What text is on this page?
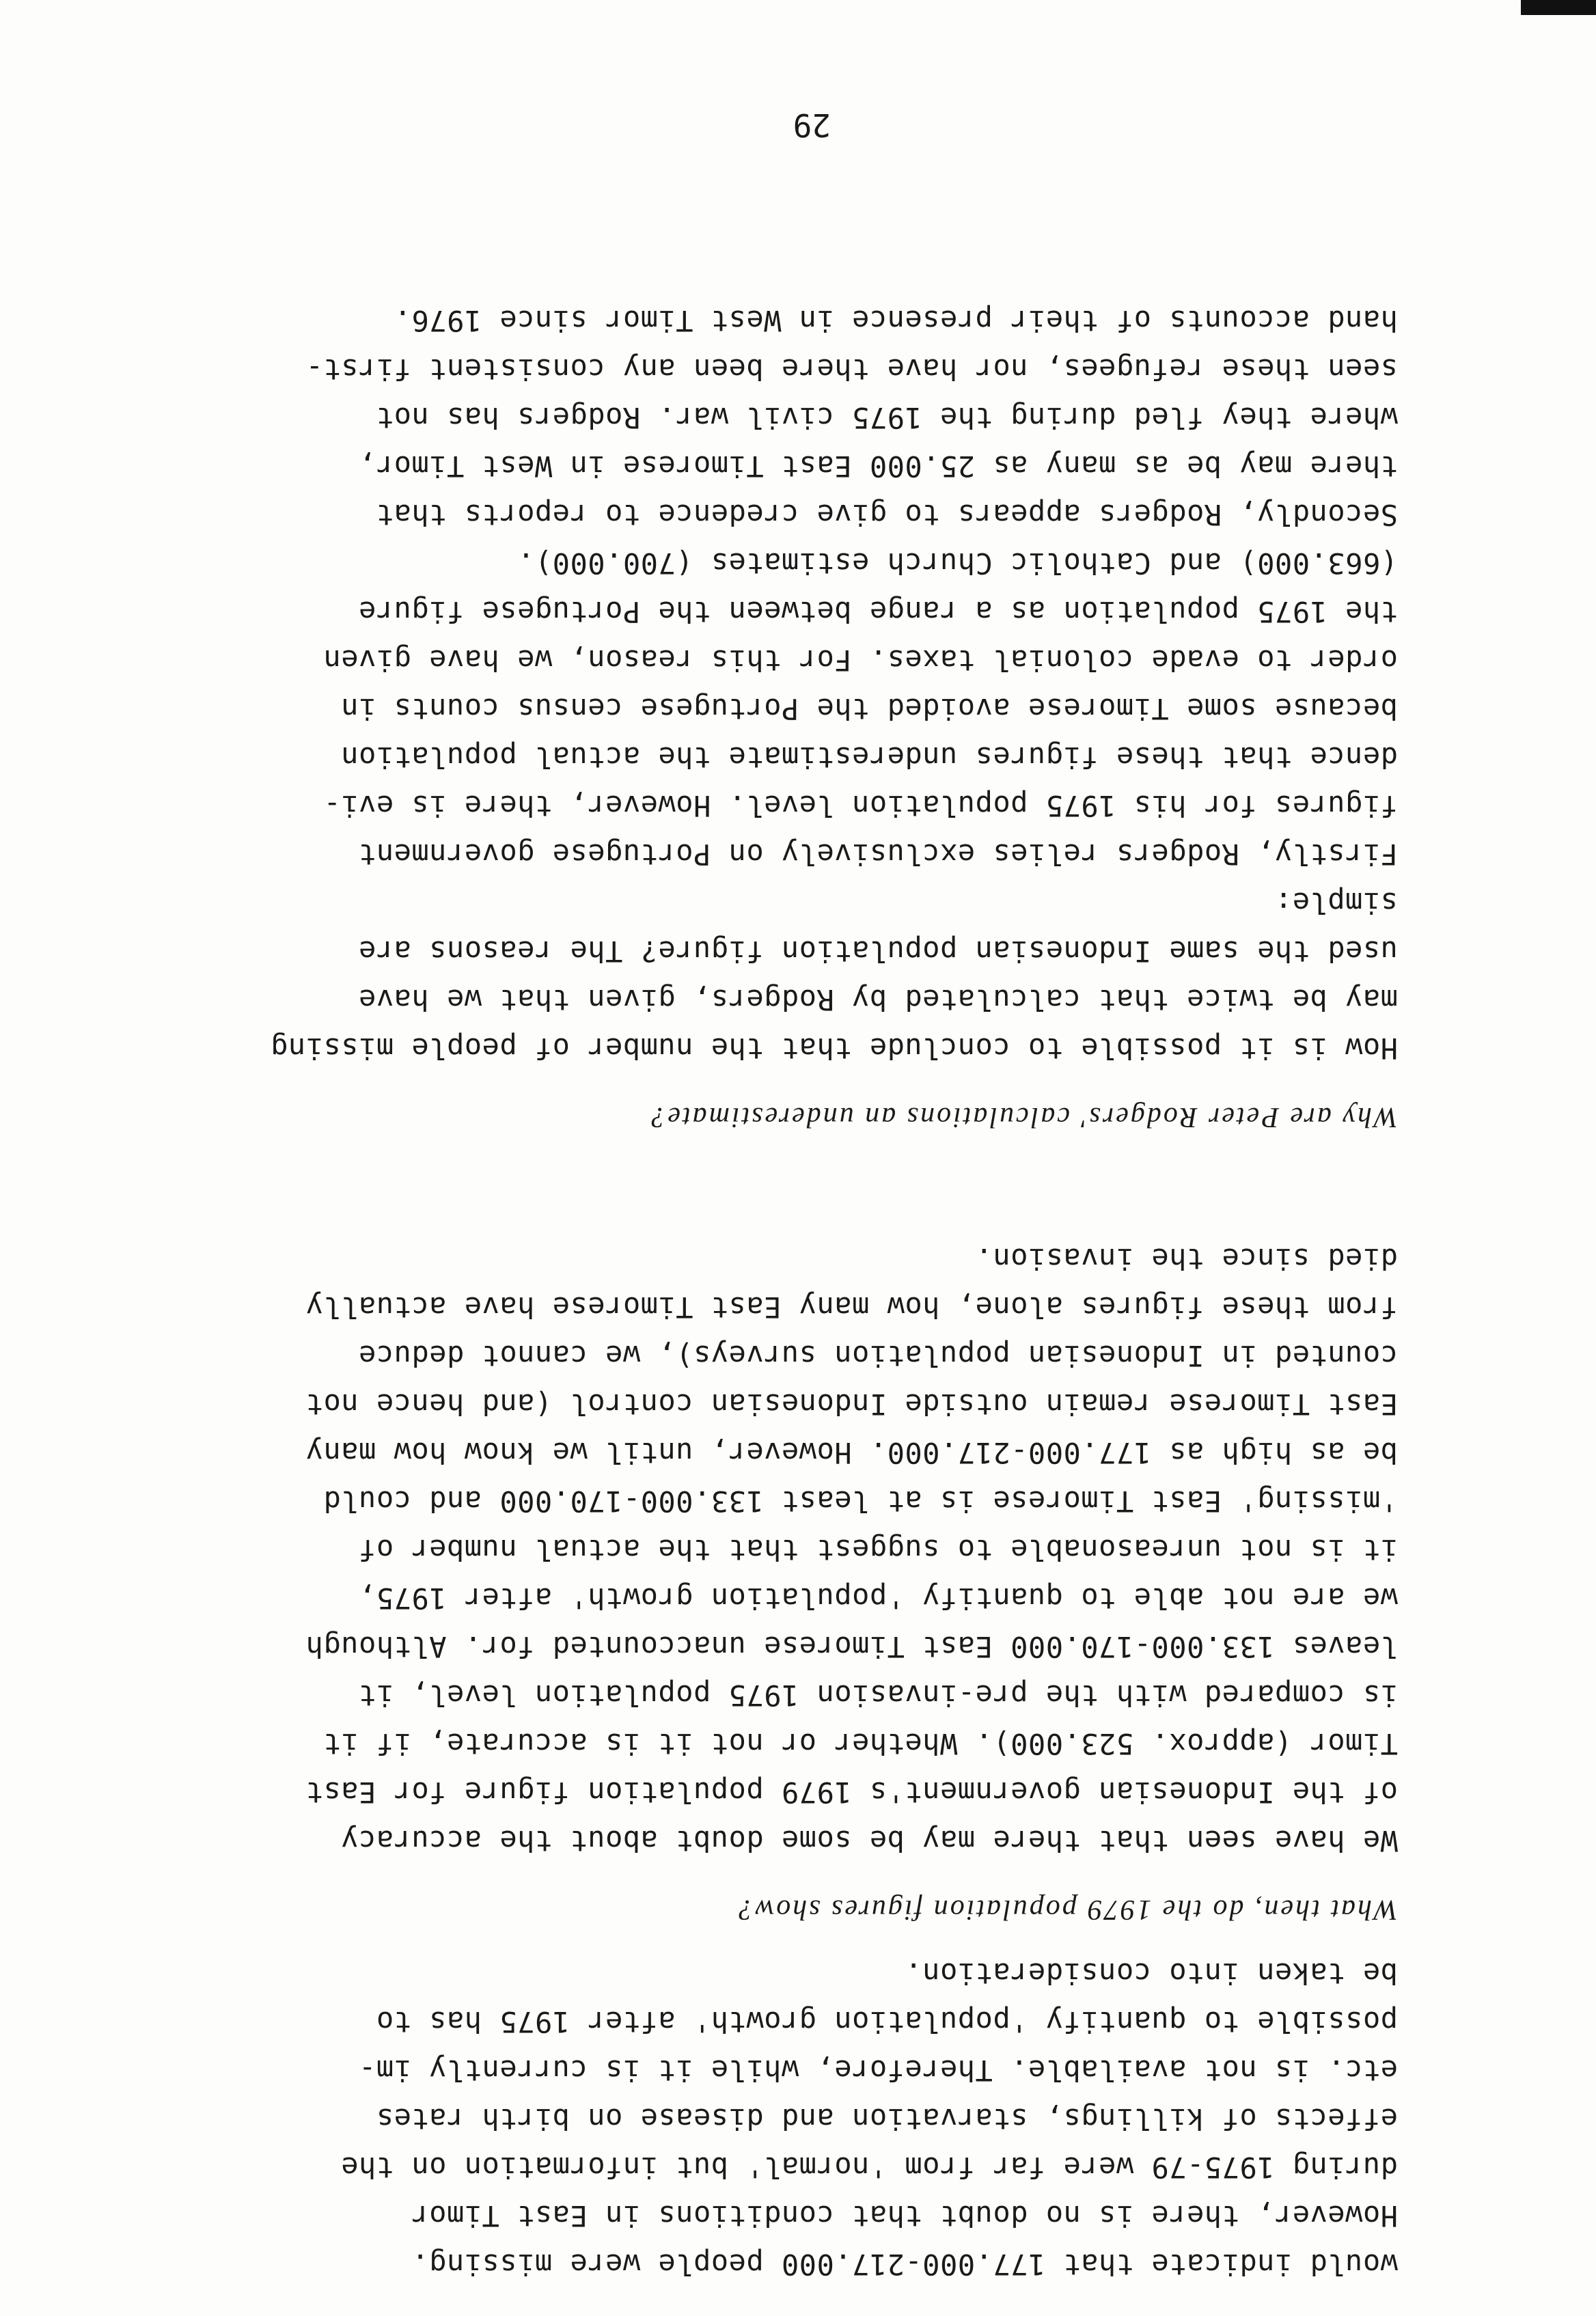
would indicate that 177.000-217.000 people were missing.
However, there is no doubt that conditions in East Timor
during 1975-79 were far from 'normal' but information on the
effects of killings, starvation and disease on birth rates
etc. is not available. Therefore, while it is currently im-
possible to quantify 'population growth' after 1975 has to
be taken into consideration.
What then, do the 1979 population figures show?
We have seen that there may be some doubt about the accuracy
of the Indonesian government's 1979 population figure for East
Timor (approx. 523.000). Whether or not it is accurate, if it
is compared with the pre-invasion 1975 population level, it
leaves 133.000-170.000 East Timorese unaccounted for. Although
we are not able to quantify 'population growth' after 1975,
it is not unreasonable to suggest that the actual number of
'missing' East Timorese is at least 133.000-170.000 and could
be as high as 177.000-217.000. However, until we know how many
East Timorese remain outside Indonesian control (and hence not
counted in Indonesian population surveys), we cannot deduce
from these figures alone, how many East Timorese have actually
died since the invasion.
Why are Peter Rodgers' calculations an underestimate?
How is it possible to conclude that the number of people missing
may be twice that calculated by Rodgers, given that we have
used the same Indonesian population figure? The reasons are
simple:
Firstly, Rodgers relies exclusively on Portugese government
figures for his 1975 population level. However, there is evi-
dence that these figures underestimate the actual population
because some Timorese avoided the Portugese census counts in
order to evade colonial taxes. For this reason, we have given
the 1975 population as a range between the Portugese figure
(663.000) and Catholic Church estimates (700.000).
Secondly, Rodgers appears to give credence to reports that
there may be as many as 25.000 East Timorese in West Timor,
where they fled during the 1975 civil war. Rodgers has not
seen these refugees, nor have there been any consistent first-
hand accounts of their presence in West Timor since 1976.
29
